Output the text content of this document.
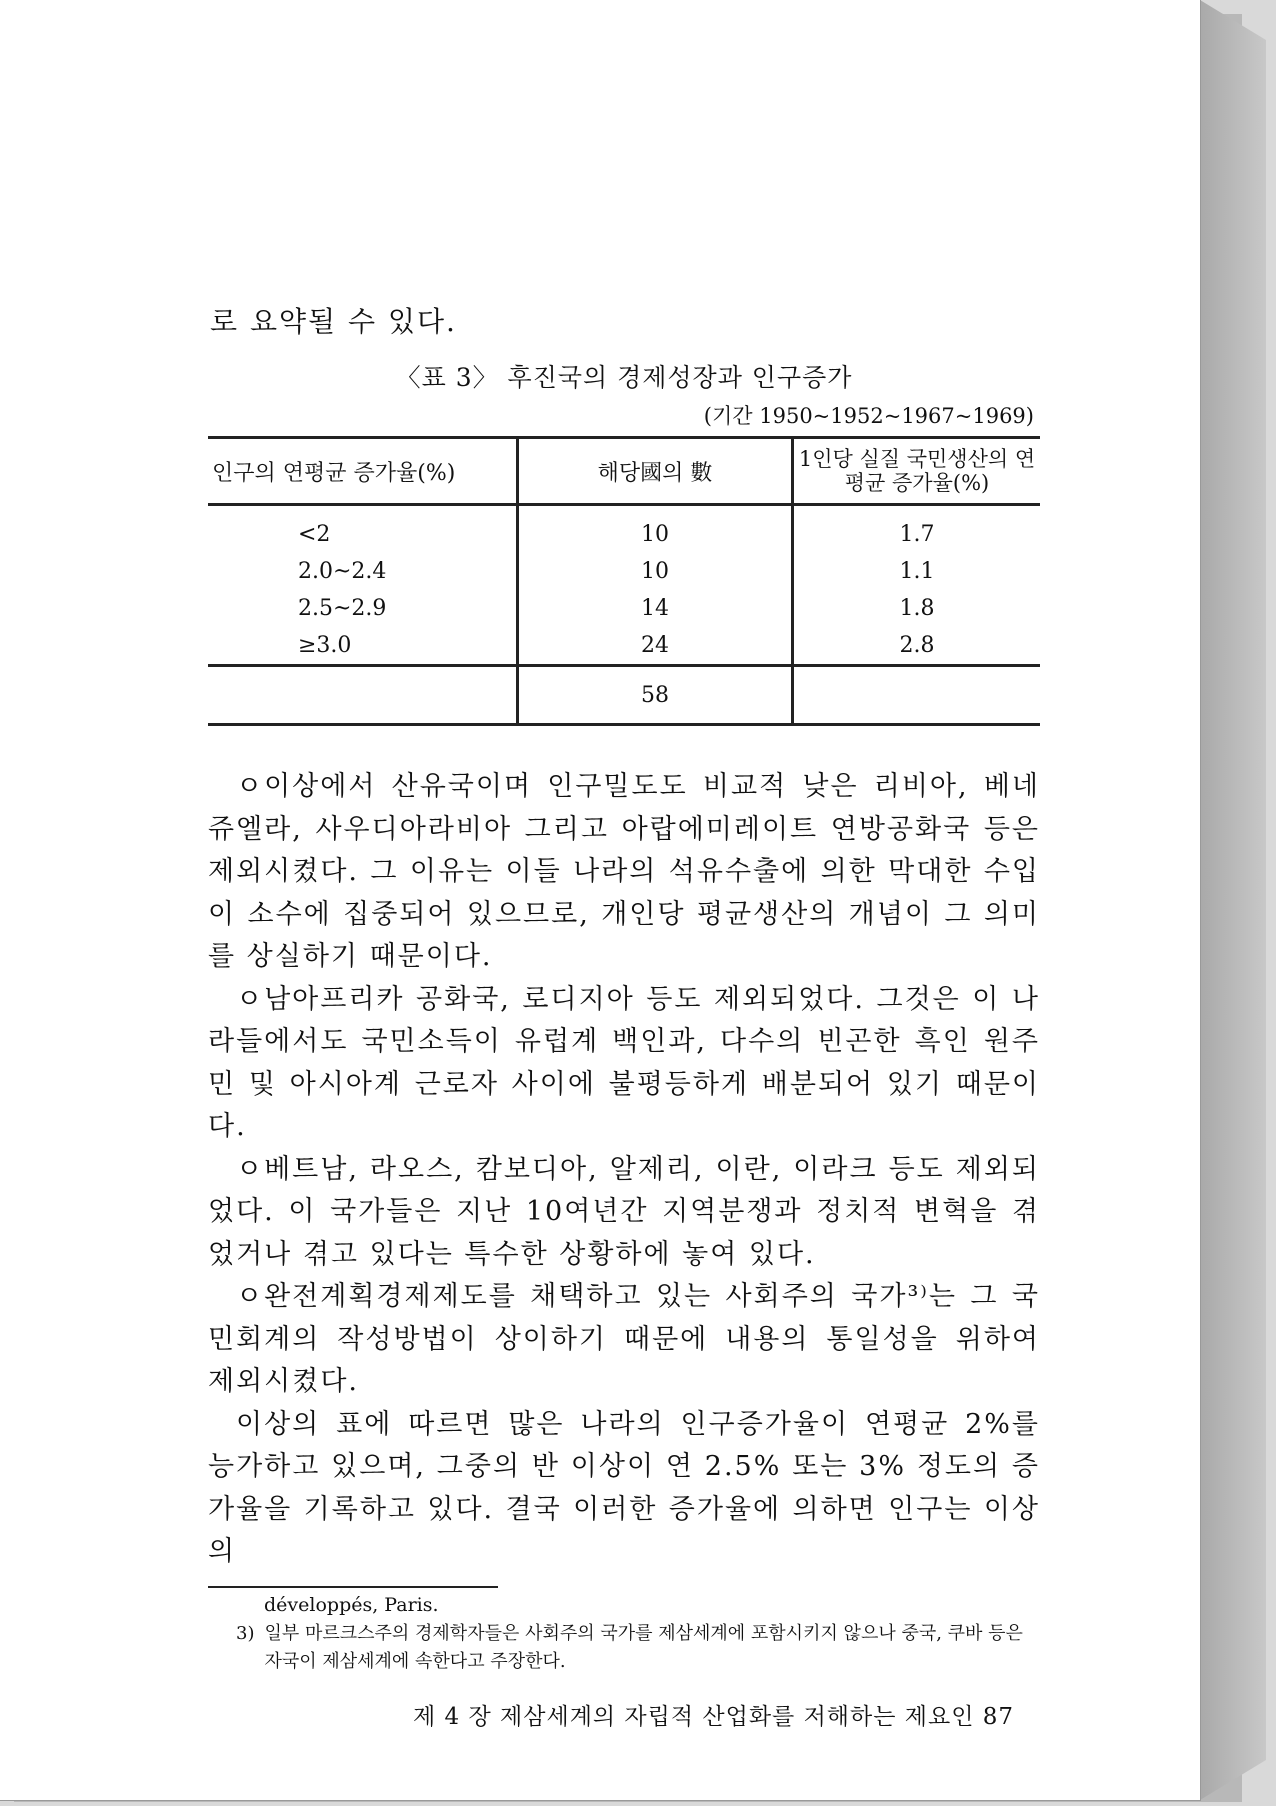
로 요약될 수 있다.
〈표 3〉 후진국의 경제성장과 인구증가
(기간 1950~1952~1967~1969)
인구의 연평균 증가율(%)	해당國의 數	1인당 실질 국민생산의 연평균 증가율(%)
<2	10	1.7
2.0~2.4	10	1.1
2.5~2.9	14	1.8
≥3.0	24	2.8
	58	

ㅇ이상에서 산유국이며 인구밀도도 비교적 낮은 리비아, 베네쥬엘라, 사우디아라비아 그리고 아랍에미레이트 연방공화국 등은 제외시켰다. 그 이유는 이들 나라의 석유수출에 의한 막대한 수입이 소수에 집중되어 있으므로, 개인당 평균생산의 개념이 그 의미를 상실하기 때문이다.

ㅇ남아프리카 공화국, 로디지아 등도 제외되었다. 그것은 이 나라들에서도 국민소득이 유럽계 백인과, 다수의 빈곤한 흑인 원주민 및 아시아계 근로자 사이에 불평등하게 배분되어 있기 때문이다.

ㅇ베트남, 라오스, 캄보디아, 알제리, 이란, 이라크 등도 제외되었다. 이 국가들은 지난 10여년간 지역분쟁과 정치적 변혁을 겪었거나 겪고 있다는 특수한 상황하에 놓여 있다.

ㅇ완전계획경제제도를 채택하고 있는 사회주의 국가³⁾는 그 국민회계의 작성방법이 상이하기 때문에 내용의 통일성을 위하여 제외시켰다.

이상의 표에 따르면 많은 나라의 인구증가율이 연평균 2%를 능가하고 있으며, 그중의 반 이상이 연 2.5% 또는 3% 정도의 증가율을 기록하고 있다. 결국 이러한 증가율에 의하면 인구는 이상의

développés, Paris.
3) 일부 마르크스주의 경제학자들은 사회주의 국가를 제삼세계에 포함시키지 않으나 중국, 쿠바 등은 자국이 제삼세계에 속한다고 주장한다.
제 4 장 제삼세계의 자립적 산업화를 저해하는 제요인 87
